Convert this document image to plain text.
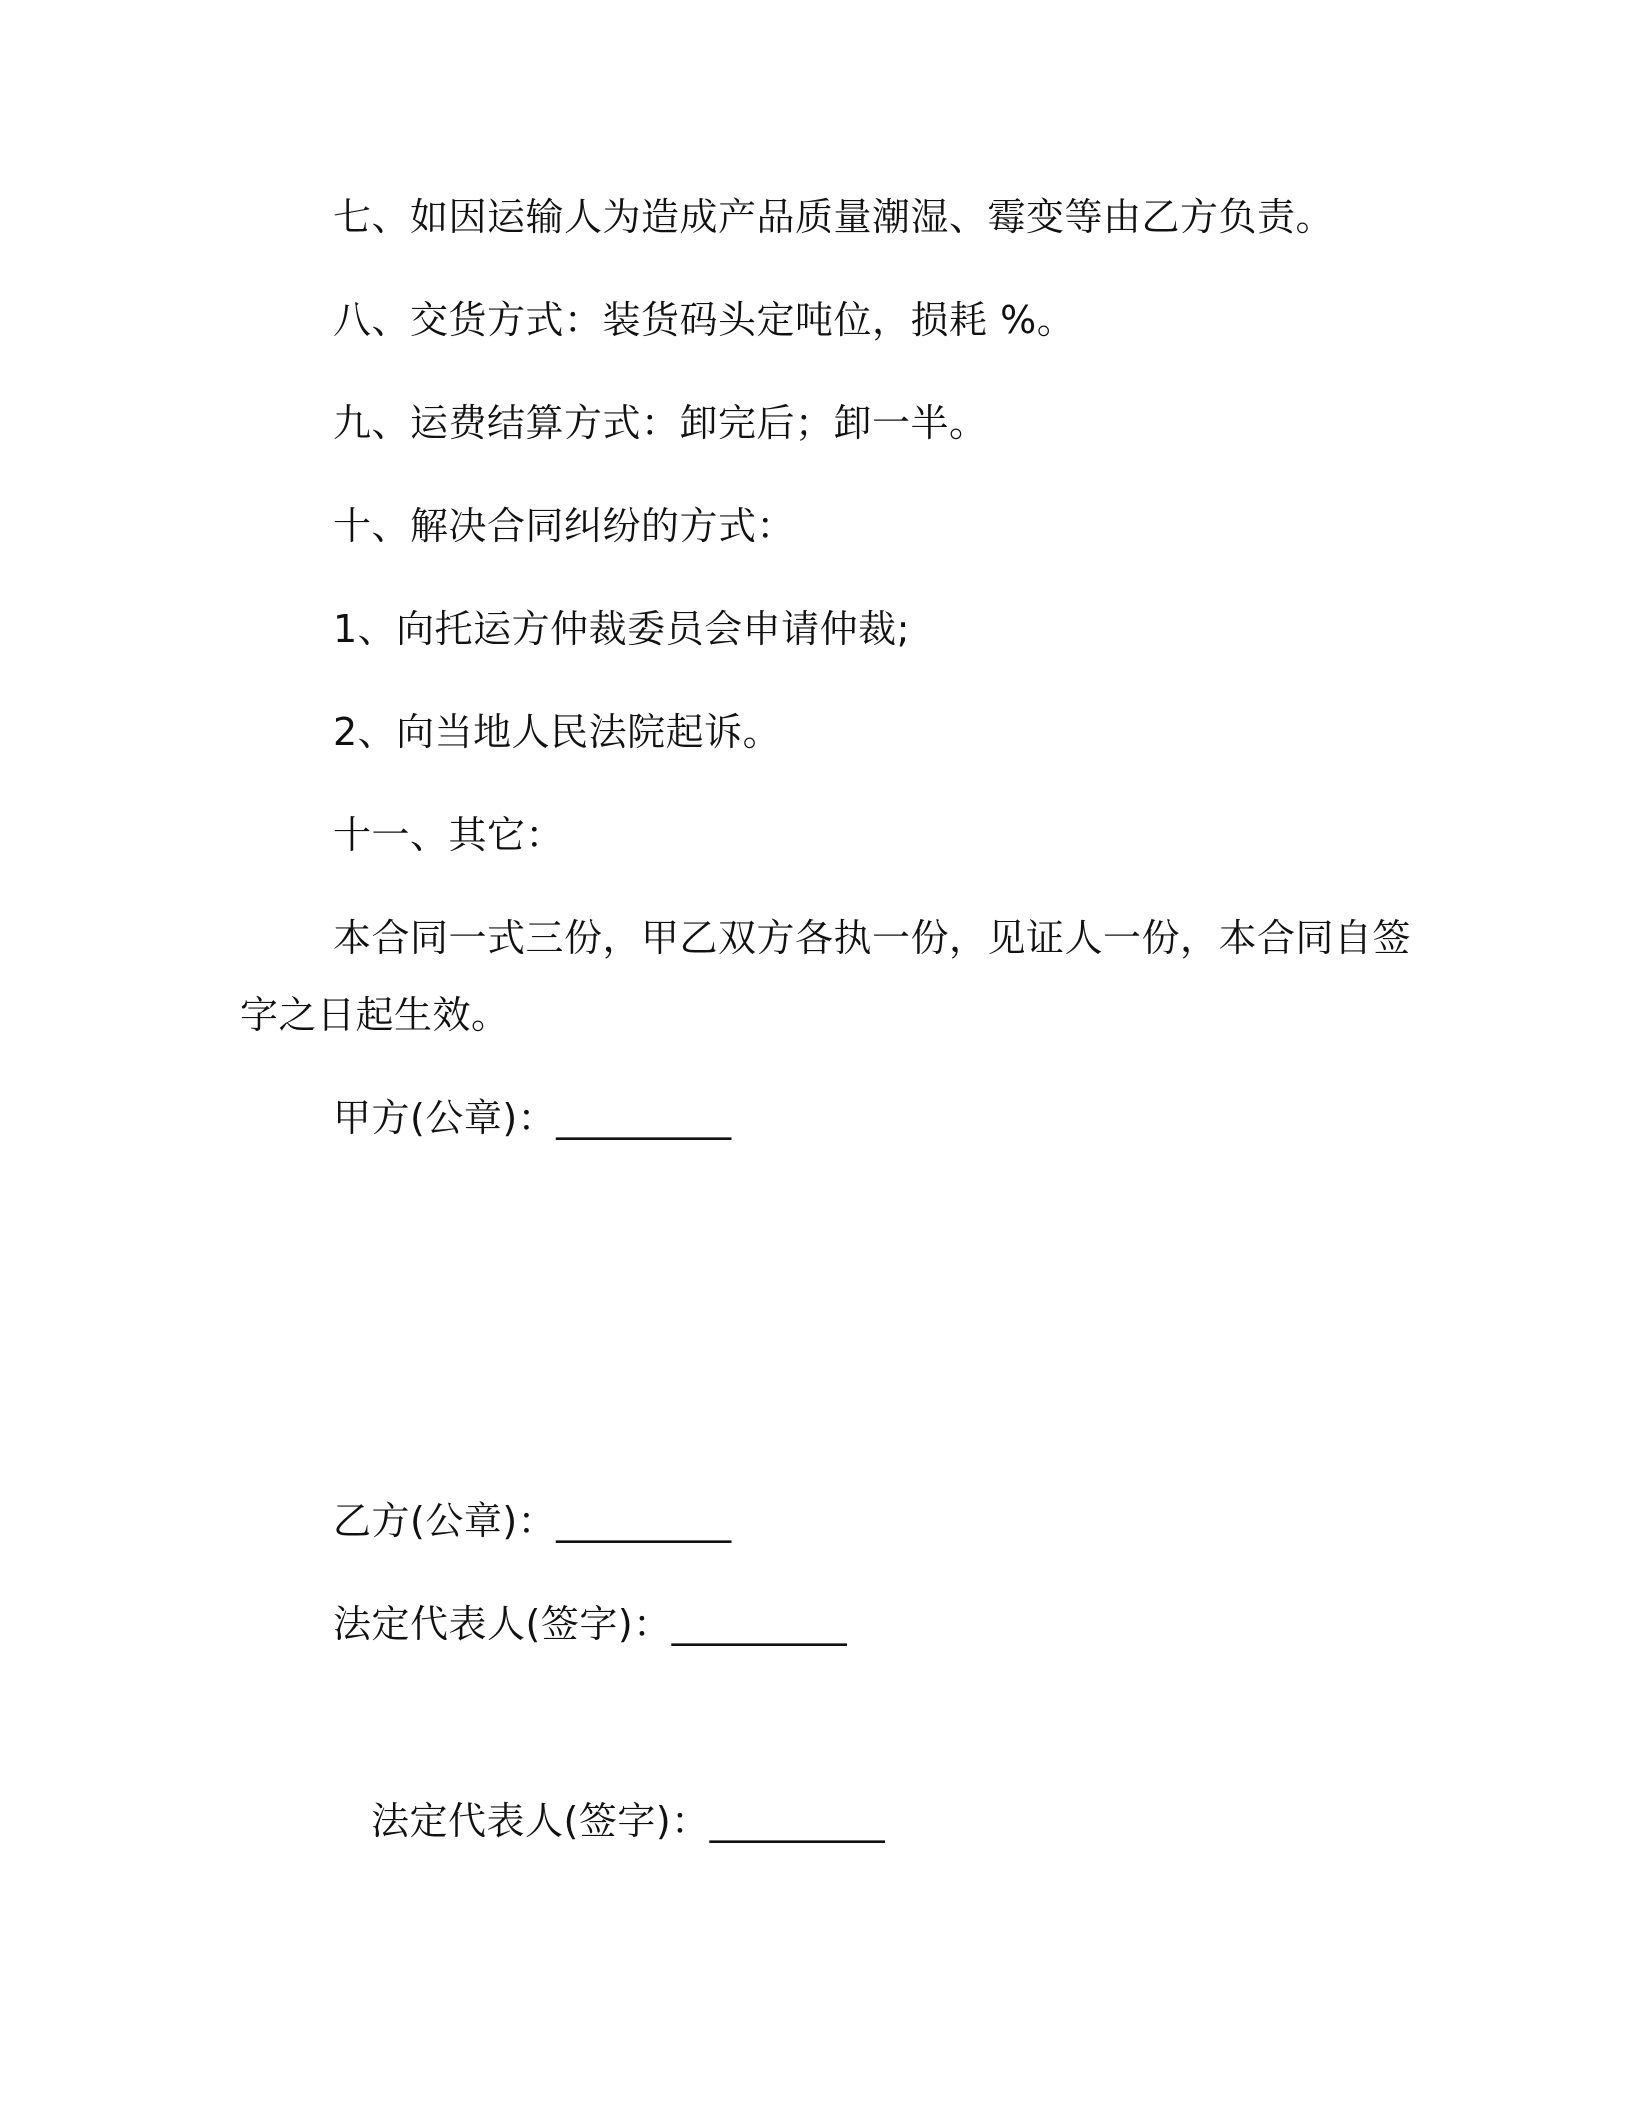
七、如因运输人为造成产品质量潮湿、霉变等由乙方负责。
八、交货方式：装货码头定吨位，损耗 %。
九、运费结算方式：卸完后；卸一半。
十、解决合同纠纷的方式：
1、向托运方仲裁委员会申请仲裁;
2、向当地人民法院起诉。
十一、其它：
本合同一式三份，甲乙双方各执一份，见证人一份，本合同自签
字之日起生效。
甲方(公章)：_________
乙方(公章)：_________
法定代表人(签字)：_________
法定代表人(签字)：_________
